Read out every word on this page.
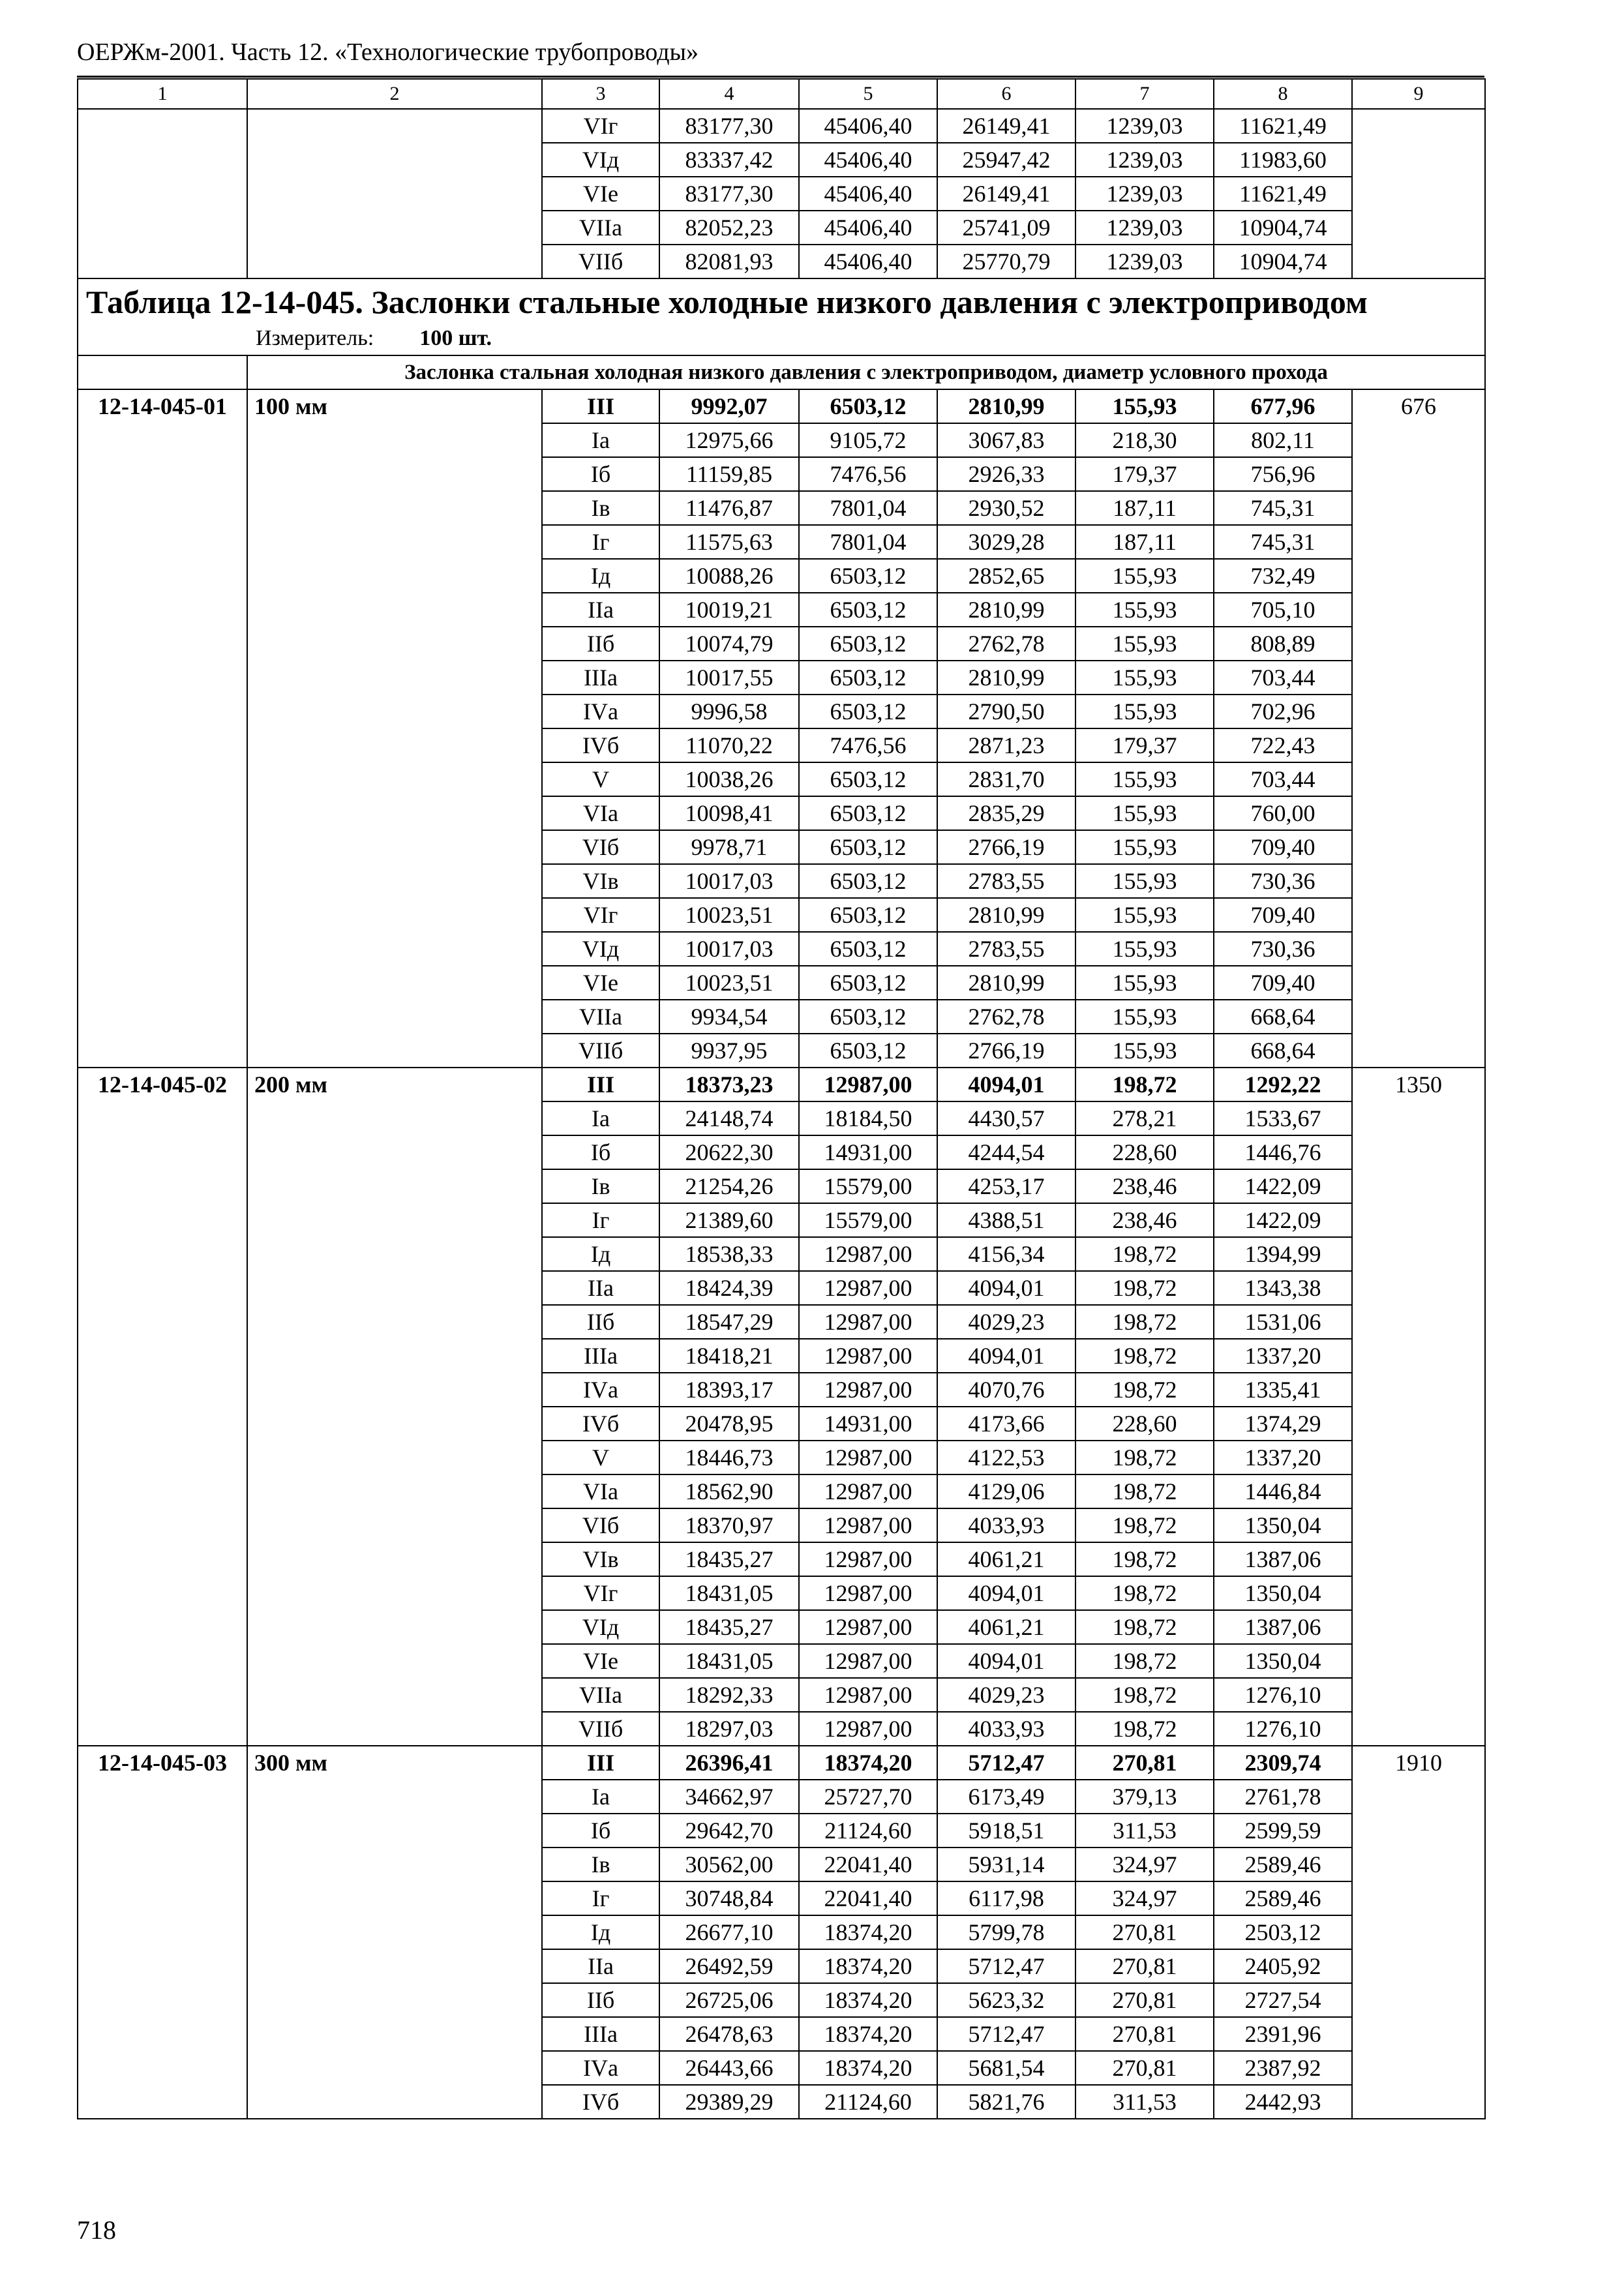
ОЕРЖм-2001. Часть 12. «Технологические трубопроводы»
1	2	3	4	5	6	7	8	9
		VIг	83177,30	45406,40	26149,41	1239,03	11621,49	
		VIд	83337,42	45406,40	25947,42	1239,03	11983,60	
		VIе	83177,30	45406,40	26149,41	1239,03	11621,49	
		VIIа	82052,23	45406,40	25741,09	1239,03	10904,74	
		VIIб	82081,93	45406,40	25770,79	1239,03	10904,74	

Таблица 12-14-045. Заслонки стальные холодные низкого давления с электроприводом
Измеритель: 100 шт.								

	Заслонка стальная холодная низкого давления с электроприводом, диаметр условного прохода							
12-14-045-01	100 мм	III	9992,07	6503,12	2810,99	155,93	677,96	676
		Iа	12975,66	9105,72	3067,83	218,30	802,11	
		Iб	11159,85	7476,56	2926,33	179,37	756,96	
		Iв	11476,87	7801,04	2930,52	187,11	745,31	
		Iг	11575,63	7801,04	3029,28	187,11	745,31	
		Iд	10088,26	6503,12	2852,65	155,93	732,49	
		IIа	10019,21	6503,12	2810,99	155,93	705,10	
		IIб	10074,79	6503,12	2762,78	155,93	808,89	
		IIIа	10017,55	6503,12	2810,99	155,93	703,44	
		IVа	9996,58	6503,12	2790,50	155,93	702,96	
		IVб	11070,22	7476,56	2871,23	179,37	722,43	
		V	10038,26	6503,12	2831,70	155,93	703,44	
		VIа	10098,41	6503,12	2835,29	155,93	760,00	
		VIб	9978,71	6503,12	2766,19	155,93	709,40	
		VIв	10017,03	6503,12	2783,55	155,93	730,36	
		VIг	10023,51	6503,12	2810,99	155,93	709,40	
		VIд	10017,03	6503,12	2783,55	155,93	730,36	
		VIе	10023,51	6503,12	2810,99	155,93	709,40	
		VIIа	9934,54	6503,12	2762,78	155,93	668,64	
		VIIб	9937,95	6503,12	2766,19	155,93	668,64	
12-14-045-02	200 мм	III	18373,23	12987,00	4094,01	198,72	1292,22	1350
		Iа	24148,74	18184,50	4430,57	278,21	1533,67	
		Iб	20622,30	14931,00	4244,54	228,60	1446,76	
		Iв	21254,26	15579,00	4253,17	238,46	1422,09	
		Iг	21389,60	15579,00	4388,51	238,46	1422,09	
		Iд	18538,33	12987,00	4156,34	198,72	1394,99	
		IIа	18424,39	12987,00	4094,01	198,72	1343,38	
		IIб	18547,29	12987,00	4029,23	198,72	1531,06	
		IIIа	18418,21	12987,00	4094,01	198,72	1337,20	
		IVа	18393,17	12987,00	4070,76	198,72	1335,41	
		IVб	20478,95	14931,00	4173,66	228,60	1374,29	
		V	18446,73	12987,00	4122,53	198,72	1337,20	
		VIа	18562,90	12987,00	4129,06	198,72	1446,84	
		VIб	18370,97	12987,00	4033,93	198,72	1350,04	
		VIв	18435,27	12987,00	4061,21	198,72	1387,06	
		VIг	18431,05	12987,00	4094,01	198,72	1350,04	
		VIд	18435,27	12987,00	4061,21	198,72	1387,06	
		VIе	18431,05	12987,00	4094,01	198,72	1350,04	
		VIIа	18292,33	12987,00	4029,23	198,72	1276,10	
		VIIб	18297,03	12987,00	4033,93	198,72	1276,10	
12-14-045-03	300 мм	III	26396,41	18374,20	5712,47	270,81	2309,74	1910
		Iа	34662,97	25727,70	6173,49	379,13	2761,78	
		Iб	29642,70	21124,60	5918,51	311,53	2599,59	
		Iв	30562,00	22041,40	5931,14	324,97	2589,46	
		Iг	30748,84	22041,40	6117,98	324,97	2589,46	
		Iд	26677,10	18374,20	5799,78	270,81	2503,12	
		IIа	26492,59	18374,20	5712,47	270,81	2405,92	
		IIб	26725,06	18374,20	5623,32	270,81	2727,54	
		IIIа	26478,63	18374,20	5712,47	270,81	2391,96	
		IVа	26443,66	18374,20	5681,54	270,81	2387,92	
		IVб	29389,29	21124,60	5821,76	311,53	2442,93	
718
